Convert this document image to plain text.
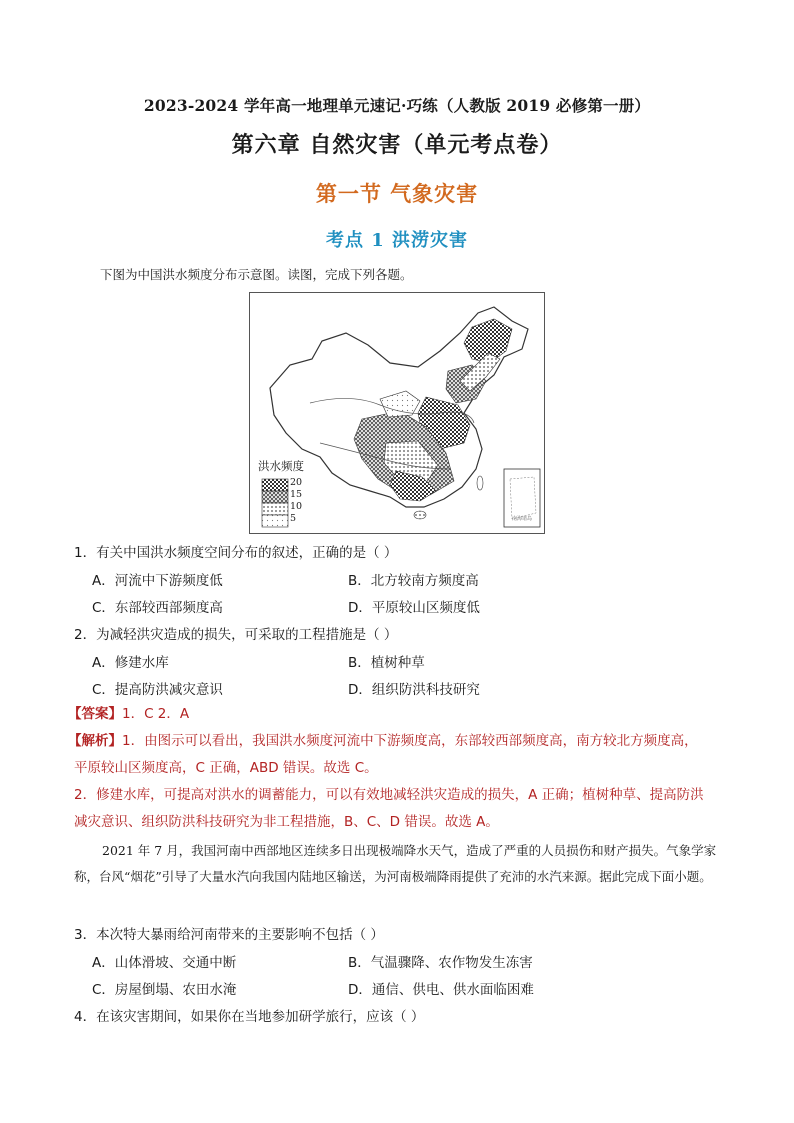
2023-2024 学年高一地理单元速记·巧练（人教版 2019 必修第一册）
第六章 自然灾害（单元考点卷）
第一节 气象灾害
考点 1 洪涝灾害
下图为中国洪水频度分布示意图。读图，完成下列各题。
洪水频度
20
15
10
5	南海诸岛
1．有关中国洪水频度空间分布的叙述，正确的是（ ）
A．河流中下游频度低	B．北方较南方频度高
C．东部较西部频度高	D．平原较山区频度低
2．为减轻洪灾造成的损失，可采取的工程措施是（ ）
A．修建水库	B．植树种草
C．提高防洪减灾意识	D．组织防洪科技研究
【答案】1．C 2．A
【解析】1．由图示可以看出，我国洪水频度河流中下游频度高，东部较西部频度高，南方较北方频度高，
平原较山区频度高，C 正确，ABD 错误。故选 C。
2．修建水库，可提高对洪水的调蓄能力，可以有效地减轻洪灾造成的损失，A 正确；植树种草、提高防洪
减灾意识、组织防洪科技研究为非工程措施，B、C、D 错误。故选 A。
2021 年 7 月，我国河南中西部地区连续多日出现极端降水天气，造成了严重的人员损伤和财产损失。气象学家称，台风“烟花”引导了大量水汽向我国内陆地区输送，为河南极端降雨提供了充沛的水汽来源。据此完成下面小题。
3．本次特大暴雨给河南带来的主要影响不包括（ ）
A．山体滑坡、交通中断	B．气温骤降、农作物发生冻害
C．房屋倒塌、农田水淹	D．通信、供电、供水面临困难
4．在该灾害期间，如果你在当地参加研学旅行，应该（ ）
